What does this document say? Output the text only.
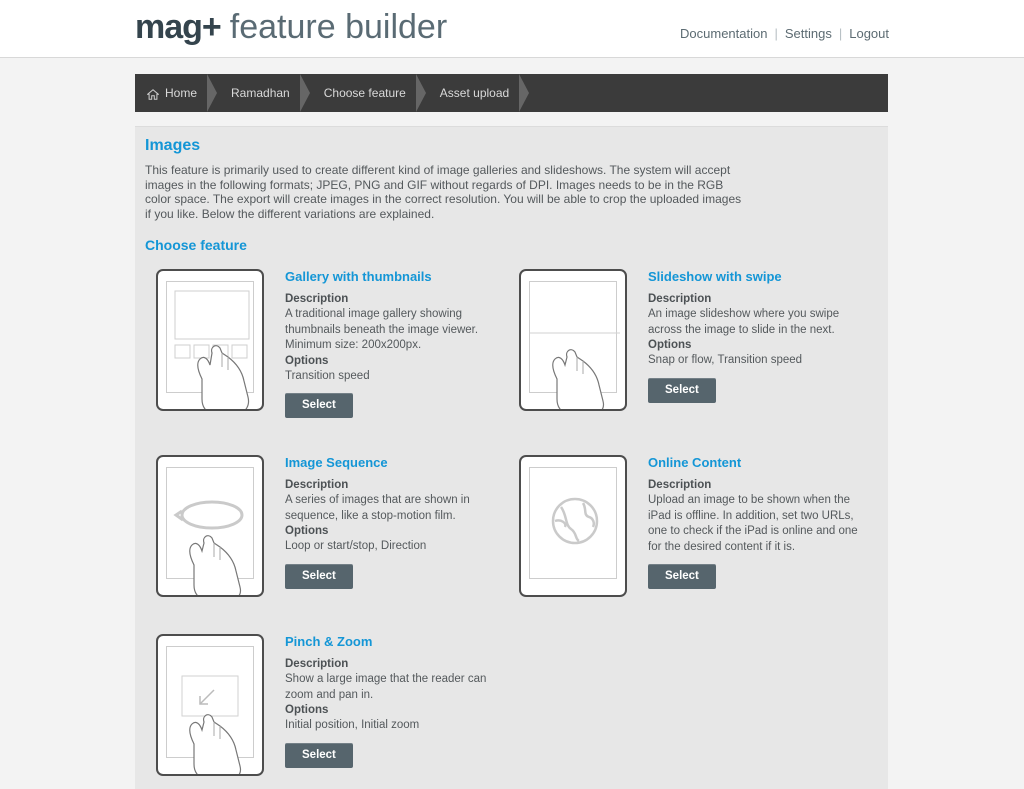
mag+ feature builder	Documentation | Settings | Logout
Home	Ramadhan	Choose feature	Asset upload
Images
This feature is primarily used to create different kind of image galleries and slideshows. The system will accept images in the following formats; JPEG, PNG and GIF without regards of DPI. Images needs to be in the RGB color space. The export will create images in the correct resolution. You will be able to crop the uploaded images if you like. Below the different variations are explained.
Choose feature

Gallery with thumbnails

Description

A traditional image gallery showing thumbnails beneath the image viewer. Minimum size: 200x200px.

Options

Transition speed

Select

Slideshow with swipe

Description

An image slideshow where you swipe across the image to slide in the next.

Options

Snap or flow, Transition speed

Select

Image Sequence

Description

A series of images that are shown in sequence, like a stop-motion film.

Options

Loop or start/stop, Direction

Select

Online Content

Description

Upload an image to be shown when the iPad is offline. In addition, set two URLs, one to check if the iPad is online and one for the desired content if it is.

Select

Pinch & Zoom

Description

Show a large image that the reader can zoom and pan in.

Options

Initial position, Initial zoom

Select
